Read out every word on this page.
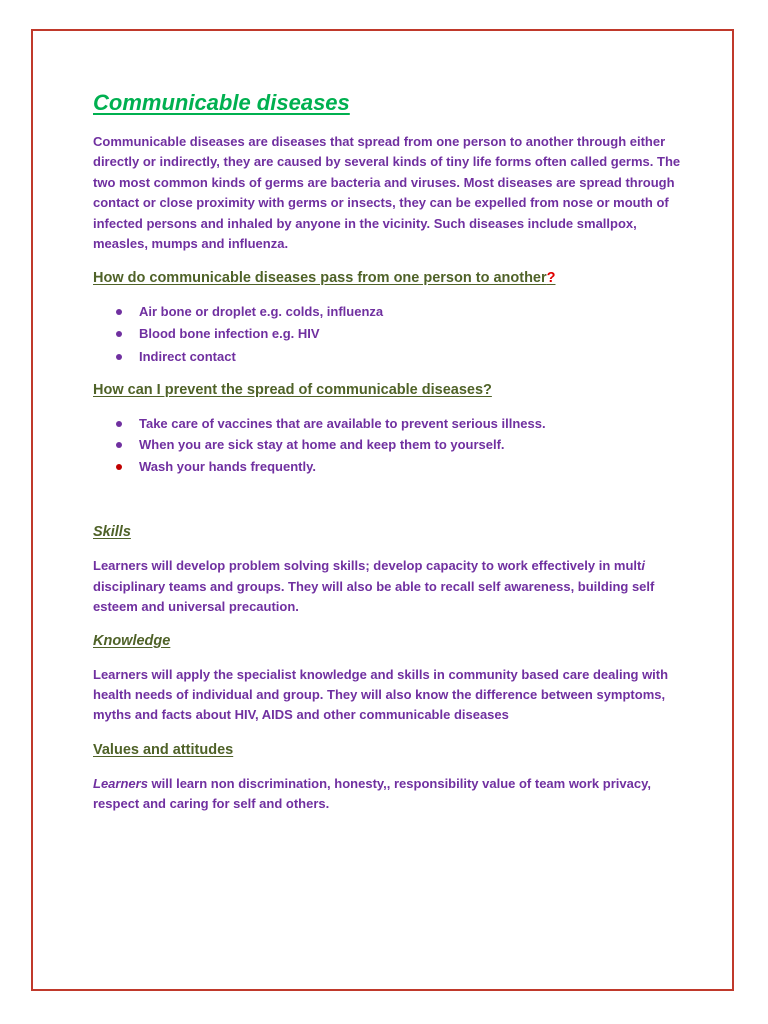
Communicable diseases

Communicable diseases are diseases that spread from one person to another through either directly or indirectly, they are caused by several kinds of tiny life forms often called germs. The two most common kinds of germs are bacteria and viruses. Most diseases are spread through contact or close proximity with germs or insects, they can be expelled from nose or mouth of infected persons and inhaled by anyone in the vicinity. Such diseases include smallpox, measles, mumps and influenza.

How do communicable diseases pass from one person to another?
Air bone or droplet e.g. colds, influenza
Blood bone infection e.g. HIV
Indirect contact
How can I prevent the spread of communicable diseases?
Take care of vaccines that are available to prevent serious illness.
When you are sick stay at home and keep them to yourself.
Wash your hands frequently.
Skills

Learners will develop problem solving skills; develop capacity to work effectively in multi disciplinary teams and groups. They will also be able to recall self awareness, building self esteem and universal precaution.

Knowledge

Learners will apply the specialist knowledge and skills in community based care dealing with health needs of individual and group. They will also know the difference between symptoms, myths and facts about HIV, AIDS and other communicable diseases

Values and attitudes

Learners will learn non discrimination, honesty,, responsibility value of team work privacy, respect and caring for self and others.
